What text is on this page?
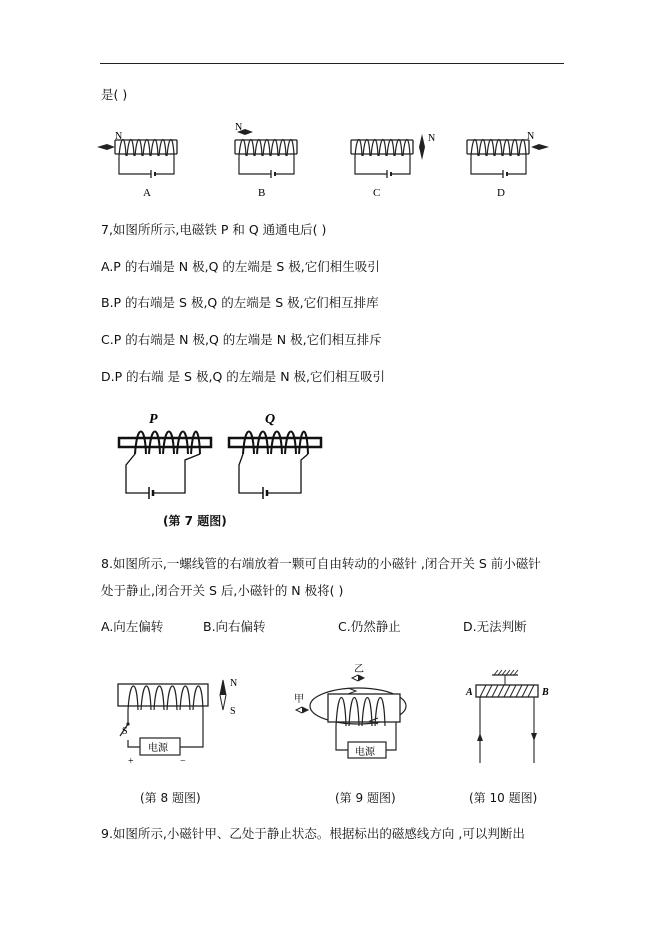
是( )
N
A
N
B
N
C
N
D
7,如图所所示,电磁铁 P 和 Q 通通电后( )
A.P 的右端是 N 极,Q 的左端是 S 极,它们相生吸引
B.P 的右端是 S 极,Q 的左端是 S 极,它们相互排库
C.P 的右端是 N 极,Q 的左端是 N 极,它们相互排斥
D.P 的右端 是 S 极,Q 的左端是 N 极,它们相互吸引
P	Q
(第 7 题图)
8.如图所示,一螺线管的右端放着一颗可自由转动的小磁针 ,闭合开关 S 前小磁针
处于静止,闭合开关 S 后,小磁针的 N 极将( )
A.向左偏转	B.向右偏转	C.仍然静止	D.无法判断
S
电源
+	−
N
S
(第 8 题图)
乙
甲
电源
(第 9 题图)
A	B
(第 10 题图)
9.如图所示,小磁针甲、乙处于静止状态。根据标出的磁感线方向 ,可以判断出
